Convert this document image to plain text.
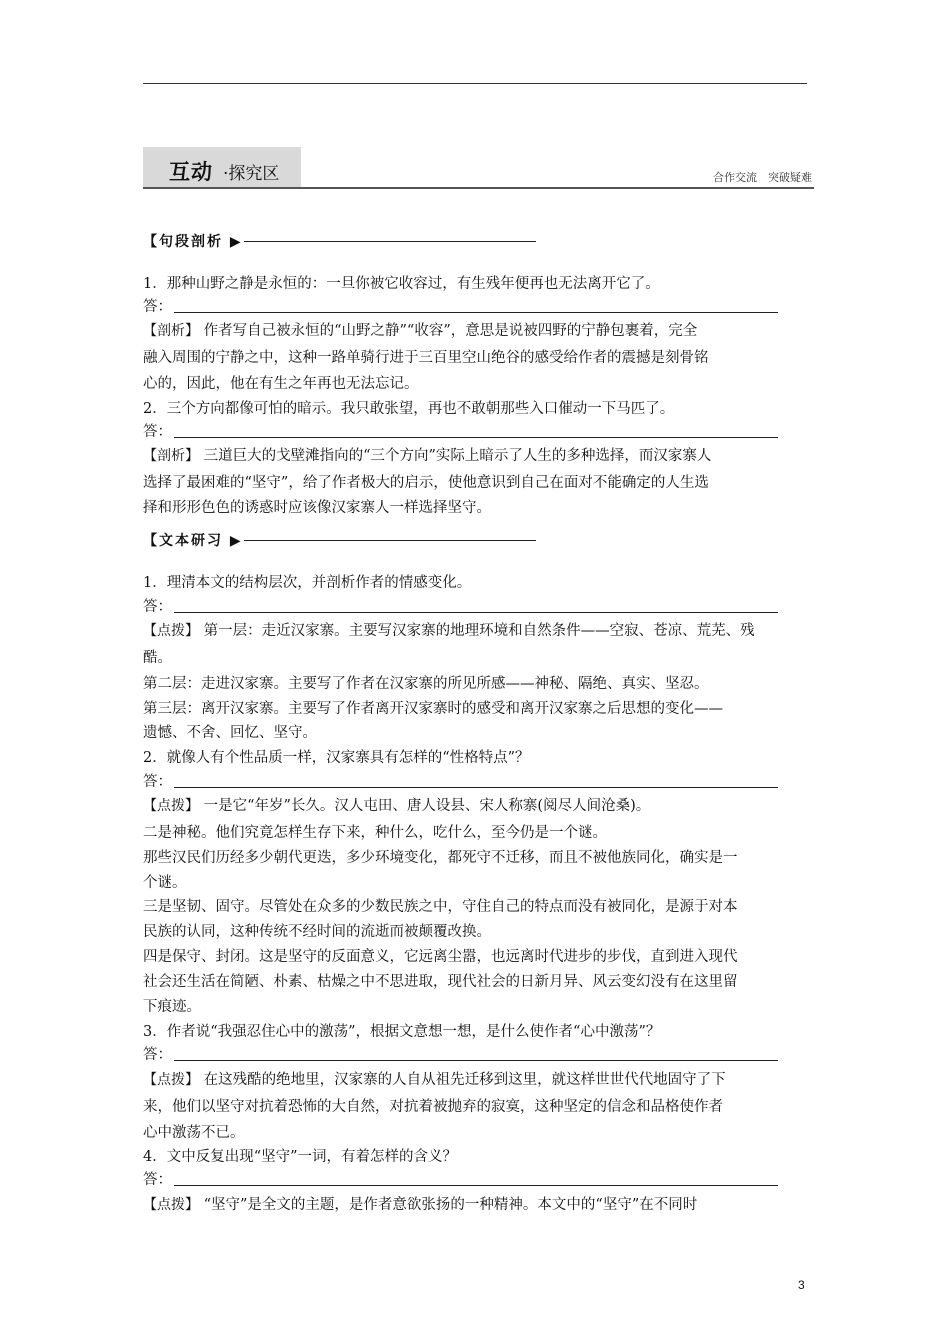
互动 ·探究区	合作交流　突破疑难
【句段剖析 ▶
1．那种山野之静是永恒的：一旦你被它收容过，有生残年便再也无法离开它了。
答：
【剖析】 作者写自己被永恒的“山野之静”“收容”，意思是说被四野的宁静包裹着，完全
融入周围的宁静之中，这种一路单骑行进于三百里空山绝谷的感受给作者的震撼是刻骨铭
心的，因此，他在有生之年再也无法忘记。
2．三个方向都像可怕的暗示。我只敢张望，再也不敢朝那些入口催动一下马匹了。
答：
【剖析】 三道巨大的戈壁滩指向的“三个方向”实际上暗示了人生的多种选择，而汉家寨人
选择了最困难的“坚守”，给了作者极大的启示，使他意识到自己在面对不能确定的人生选
择和形形色色的诱惑时应该像汉家寨人一样选择坚守。
【文本研习 ▶
1．理清本文的结构层次，并剖析作者的情感变化。
答：
【点拨】 第一层：走近汉家寨。主要写汉家寨的地理环境和自然条件——空寂、苍凉、荒芜、残
酷。
第二层：走进汉家寨。主要写了作者在汉家寨的所见所感——神秘、隔绝、真实、坚忍。
第三层：离开汉家寨。主要写了作者离开汉家寨时的感受和离开汉家寨之后思想的变化——
遗憾、不舍、回忆、坚守。
2．就像人有个性品质一样，汉家寨具有怎样的“性格特点”？
答：
【点拨】 一是它“年岁”长久。汉人屯田、唐人设县、宋人称寨(阅尽人间沧桑)。
二是神秘。他们究竟怎样生存下来，种什么，吃什么，至今仍是一个谜。
那些汉民们历经多少朝代更迭，多少环境变化，都死守不迁移，而且不被他族同化，确实是一
个谜。
三是坚韧、固守。尽管处在众多的少数民族之中，守住自己的特点而没有被同化，是源于对本
民族的认同，这种传统不经时间的流逝而被颠覆改换。
四是保守、封闭。这是坚守的反面意义，它远离尘嚣，也远离时代进步的步伐，直到进入现代
社会还生活在简陋、朴素、枯燥之中不思进取，现代社会的日新月异、风云变幻没有在这里留
下痕迹。
3．作者说“我强忍住心中的激荡”，根据文意想一想，是什么使作者“心中激荡”？
答：
【点拨】 在这残酷的绝地里，汉家寨的人自从祖先迁移到这里，就这样世世代代地固守了下
来，他们以坚守对抗着恐怖的大自然，对抗着被抛弃的寂寞，这种坚定的信念和品格使作者
心中激荡不已。
4．文中反复出现“坚守”一词，有着怎样的含义？
答：
【点拨】 “坚守”是全文的主题，是作者意欲张扬的一种精神。本文中的“坚守”在不同时
3
